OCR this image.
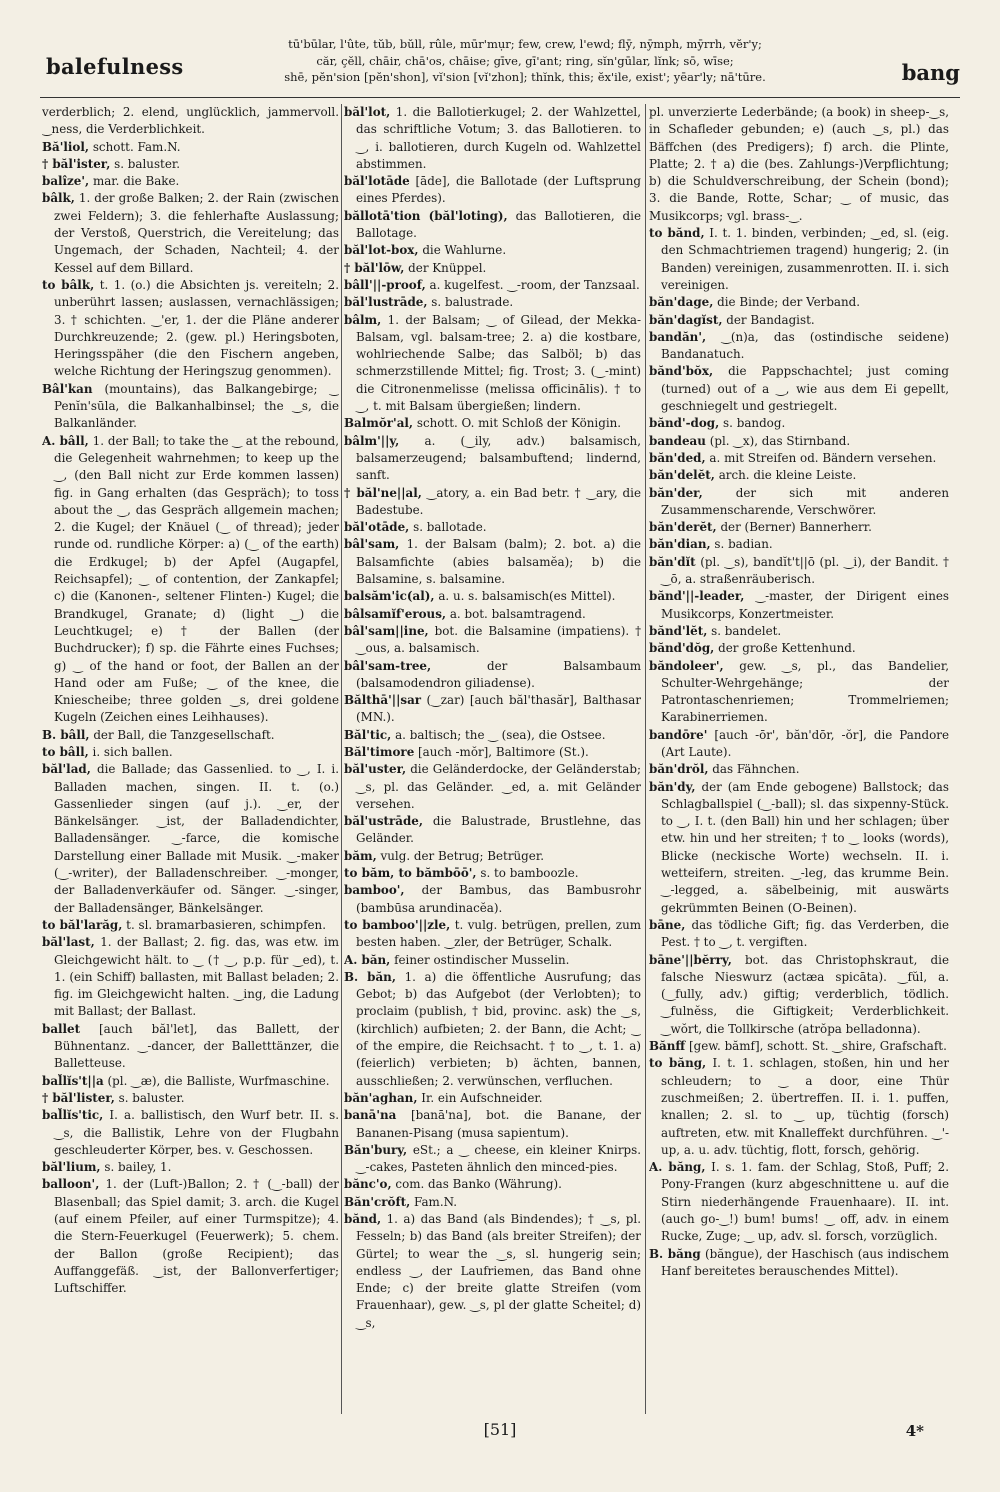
balefulness
tū'būlar, l'ûte, tŭb, bŭll, rûle, mūr'mụr; few, crew, l'ewd; flȳ, nȳmph, mȳrrh, vĕr'y;
căr, çĕll, chāir, chā'os, chāise; gīve, gī'ant; ring, sĭn'gūlar, lĭnk; sō, wīse;
shē, pĕn'sion [pĕn'shon], vĭ'sion [vĭ'zhon]; thĭnk, this; ĕx'ile, exist'; yēar'ly; nā'tūre.	bang
verderblich; 2. elend, unglücklich, jammervoll. ‿ness, die Verderblichkeit.
Bă'liol, schott. Fam.N.
† băl'ister, s. baluster.
balîze', mar. die Bake.
bâlk, 1. der große Balken; 2. der Rain (zwischen zwei Feldern); 3. die fehlerhafte Auslassung; der Verstoß, Querstrich, die Vereitelung; das Ungemach, der Schaden, Nachteil; 4. der Kessel auf dem Billard.
to bâlk, t. 1. (o.) die Absichten js. vereiteln; 2. unberührt lassen; auslassen, vernachlässigen; 3. † schichten. ‿'er, 1. der die Pläne anderer Durchkreuzende; 2. (gew. pl.) Heringsboten, Heringsspäher (die den Fischern angeben, welche Richtung der Heringszug genommen).
Bâl'kan (mountains), das Balkangebirge; ‿ Penĭn'sūla, die Balkanhalbinsel; the ‿s, die Balkanländer.
A. bâll, 1. der Ball; to take the ‿ at the rebound, die Gelegenheit wahrnehmen; to keep up the ‿, (den Ball nicht zur Erde kommen lassen) fig. in Gang erhalten (das Gespräch); to toss about the ‿, das Gespräch allgemein machen; 2. die Kugel; der Knäuel (‿ of thread); jeder runde od. rundliche Körper: a) (‿ of the earth) die Erdkugel; b) der Apfel (Augapfel, Reichsapfel); ‿ of contention, der Zankapfel; c) die (Kanonen-, seltener Flinten-) Kugel; die Brandkugel, Granate; d) (light ‿) die Leuchtkugel; e) † der Ballen (der Buchdrucker); f) sp. die Fährte eines Fuchses; g) ‿ of the hand or foot, der Ballen an der Hand oder am Fuße; ‿ of the knee, die Kniescheibe; three golden ‿s, drei goldene Kugeln (Zeichen eines Leihhauses).
B. bâll, der Ball, die Tanzgesellschaft.
to bâll, i. sich ballen.
băl'lad, die Ballade; das Gassenlied. to ‿, I. i. Balladen machen, singen. II. t. (o.) Gassenlieder singen (auf j.). ‿er, der Bänkelsänger. ‿ist, der Balladendichter, Balladensänger. ‿-farce, die komische Darstellung einer Ballade mit Musik. ‿-maker (‿-writer), der Balladenschreiber. ‿-monger, der Balladenverkäufer od. Sänger. ‿-singer, der Balladensänger, Bänkelsänger.
to băl'larăg, t. sl. bramarbasieren, schimpfen.
băl'last, 1. der Ballast; 2. fig. das, was etw. im Gleichgewicht hält. to ‿ († ‿, p.p. für ‿ed), t. 1. (ein Schiff) ballasten, mit Ballast beladen; 2. fig. im Gleichgewicht halten. ‿ing, die Ladung mit Ballast; der Ballast.
ballet [auch băl'let], das Ballett, der Bühnentanz. ‿-dancer, der Balletttänzer, die Balletteuse.
bal̆lĭs't||a (pl. ‿æ), die Balliste, Wurfmaschine.
† băl'lister, s. baluster.
bal̆lĭs'tic, I. a. ballistisch, den Wurf betr. II. s. ‿s, die Ballistik, Lehre von der Flugbahn geschleuderter Körper, bes. v. Geschossen.
băl'lium, s. bailey, 1.
balloon', 1. der (Luft-)Ballon; 2. † (‿-ball) der Blasenball; das Spiel damit; 3. arch. die Kugel (auf einem Pfeiler, auf einer Turmspitze); 4. die Stern-Feuerkugel (Feuerwerk); 5. chem. der Ballon (große Recipient); das Auffanggefäß. ‿ist, der Ballonverfertiger; Luftschiffer.
băl'lot, 1. die Ballotierkugel; 2. der Wahlzettel, das schriftliche Votum; 3. das Ballotieren. to ‿, i. ballotieren, durch Kugeln od. Wahlzettel abstimmen.
băl'lotāde [āde], die Ballotade (der Luftsprung eines Pferdes).
băllotā'tion (băl'loting), das Ballotieren, die Ballotage.
băl'lot-box, die Wahlurne.
† băl'lōw, der Knüppel.
bâll'||-proof, a. kugelfest. ‿-room, der Tanzsaal.
băl'lustrāde, s. balustrade.
bâlm, 1. der Balsam; ‿ of Gilead, der Mekka-Balsam, vgl. balsam-tree; 2. a) die kostbare, wohlriechende Salbe; das Salböl; b) das schmerzstillende Mittel; fig. Trost; 3. (‿-mint) die Citronenmelisse (melissa officinālis). † to ‿, t. mit Balsam übergießen; lindern.
Balmŏr'al, schott. O. mit Schloß der Königin.
bâlm'||y, a. (‿ily, adv.) balsamisch, balsamerzeugend; balsambuftend; lindernd, sanft.
† băl'ne||al, ‿atory, a. ein Bad betr. † ‿ary, die Badestube.
băl'otāde, s. ballotade.
bâl'sam, 1. der Balsam (balm); 2. bot. a) die Balsamfichte (abies balsamĕa); b) die Balsamine, s. balsamine.
balsăm'ic(al), a. u. s. balsamisch(es Mittel).
bâlsamĭf'erous, a. bot. balsamtragend.
bâl'sam||ine, bot. die Balsamine (impatiens). † ‿ous, a. balsamisch.
bâl'sam-tree,	der Balsambaum (balsamodendron giliadense).
Bălthā'||sar (‿zar) [auch băl'thasăr], Balthasar (MN.).
Băl'tic, a. baltisch; the ‿ (sea), die Ostsee.
Băl'timore [auch -mŏr], Baltimore (St.).
băl'uster, die Geländerdocke, der Geländerstab; ‿s, pl. das Geländer. ‿ed, a. mit Geländer versehen.
băl'ustrāde, die Balustrade, Brustlehne, das Geländer.
băm, vulg. der Betrug; Betrüger.
to băm, to bămbōō', s. to bamboozle.
bamboo', der Bambus, das Bambusrohr (bambūsa arundinacĕa).
to bamboo'||zle, t. vulg. betrügen, prellen, zum besten haben. ‿zler, der Betrüger, Schalk.
A. băn, feiner ostindischer Musselin.
B. băn, 1. a) die öffentliche Ausrufung; das Gebot; b) das Aufgebot (der Verlobten); to proclaim (publish, † bid, provinc. ask) the ‿s, (kirchlich) aufbieten; 2. der Bann, die Acht; ‿ of the empire, die Reichsacht. † to ‿, t. 1. a) (feierlich) verbieten; b) ächten, bannen, ausschließen; 2. verwünschen, verfluchen.
băn'aghan, Ir. ein Aufschneider.
banā'na [banā'na], bot. die Banane, der Bananen-Pisang (musa sapientum).
Băn'bury, eSt.; a ‿ cheese, ein kleiner Knirps. ‿-cakes, Pasteten ähnlich den minced-pies.
bănc'o, com. das Banko (Währung).
Băn'crŏft, Fam.N.
bănd, 1. a) das Band (als Bindendes); † ‿s, pl. Fesseln; b) das Band (als breiter Streifen); der Gürtel; to wear the ‿s, sl. hungerig sein; endless ‿, der Laufriemen, das Band ohne Ende; c) der breite glatte Streifen (vom Frauenhaar), gew. ‿s, pl der glatte Scheitel; d) ‿s,
pl. unverzierte Lederbände; (a book) in sheep-‿s, in Schafleder gebunden; e) (auch ‿s, pl.) das Bäffchen (des Predigers); f) arch. die Plinte, Platte; 2. † a) die (bes. Zahlungs-)Verpflichtung; b) die Schuldverschreibung, der Schein (bond); 3. die Bande, Rotte, Schar; ‿ of music, das Musikcorps; vgl. brass-‿.
to bănd, I. t. 1. binden, verbinden; ‿ed, sl. (eig. den Schmachtriemen tragend) hungerig; 2. (in Banden) vereinigen, zusammenrotten. II. i. sich vereinigen.
băn'dage, die Binde; der Verband.
băn'dagĭst, der Bandagist.
bandăn', ‿(n)a, das (ostindische seidene) Bandanatuch.
bănd'bŏx, die Pappschachtel; just coming (turned) out of a ‿, wie aus dem Ei gepellt, geschniegelt und gestriegelt.
bănd'-dog, s. bandog.
bandeau (pl. ‿x), das Stirnband.
băn'ded, a. mit Streifen od. Bändern versehen.
băn'delĕt, arch. die kleine Leiste.
băn'der,	der sich mit anderen Zusammenscharende, Verschwörer.
băn'derĕt, der (Berner) Bannerherr.
băn'dian, s. badian.
băn'dĭt (pl. ‿s), bandĭt't||ō (pl. ‿i), der Bandit. † ‿ō, a. straßenräuberisch.
bănd'||-leader, ‿-master, der Dirigent eines Musikcorps, Konzertmeister.
bănd'lĕt, s. bandelet.
bănd'dŏg, der große Kettenhund.
băndoleer', gew. ‿s, pl., das Bandelier, Schulter-Wehrgehänge; der Patrontaschenriemen; Trommelriemen; Karabinerriemen.
bandōre' [auch -ōr', băn'dōr, -ŏr], die Pandore (Art Laute).
băn'drŏl, das Fähnchen.
băn'dy, der (am Ende gebogene) Ballstock; das Schlagballspiel (‿-ball); sl. das sixpenny-Stück. to ‿, I. t. (den Ball) hin und her schlagen; über etw. hin und her streiten; † to ‿ looks (words), Blicke (neckische Worte) wechseln. II. i. wetteifern, streiten. ‿-leg, das krumme Bein. ‿-legged, a. säbelbeinig, mit auswärts gekrümmten Beinen (O-Beinen).
bāne, das tödliche Gift; fig. das Verderben, die Pest. † to ‿, t. vergiften.
bāne'||bĕrry, bot. das Christophskraut, die falsche Nieswurz (actæa spicāta). ‿fŭl, a. (‿fully, adv.) giftig; verderblich, tödlich. ‿fulnĕss, die Giftigkeit; Verderblichkeit. ‿wŏrt, die Tollkirsche (atrŏpa belladonna).
Bănff [gew. bămf], schott. St. ‿shire, Grafschaft.
to băng, I. t. 1. schlagen, stoßen, hin und her schleudern; to ‿ a door, eine Thür zuschmeißen; 2. übertreffen. II. i. 1. puffen, knallen; 2. sl. to ‿ up, tüchtig (forsch) auftreten, etw. mit Knalleffekt durchführen. ‿'-up, a. u. adv. tüchtig, flott, forsch, gehörig.
A. băng, I. s. 1. fam. der Schlag, Stoß, Puff; 2. Pony-Frangen (kurz abgeschnittene u. auf die Stirn niederhängende Frauenhaare). II. int. (auch go-‿!) bum! bums! ‿ off, adv. in einem Rucke, Zuge; ‿ up, adv. sl. forsch, vorzüglich.
B. băng (băngue), der Haschisch (aus indischem Hanf bereitetes berauschendes Mittel).
[51]	4*
